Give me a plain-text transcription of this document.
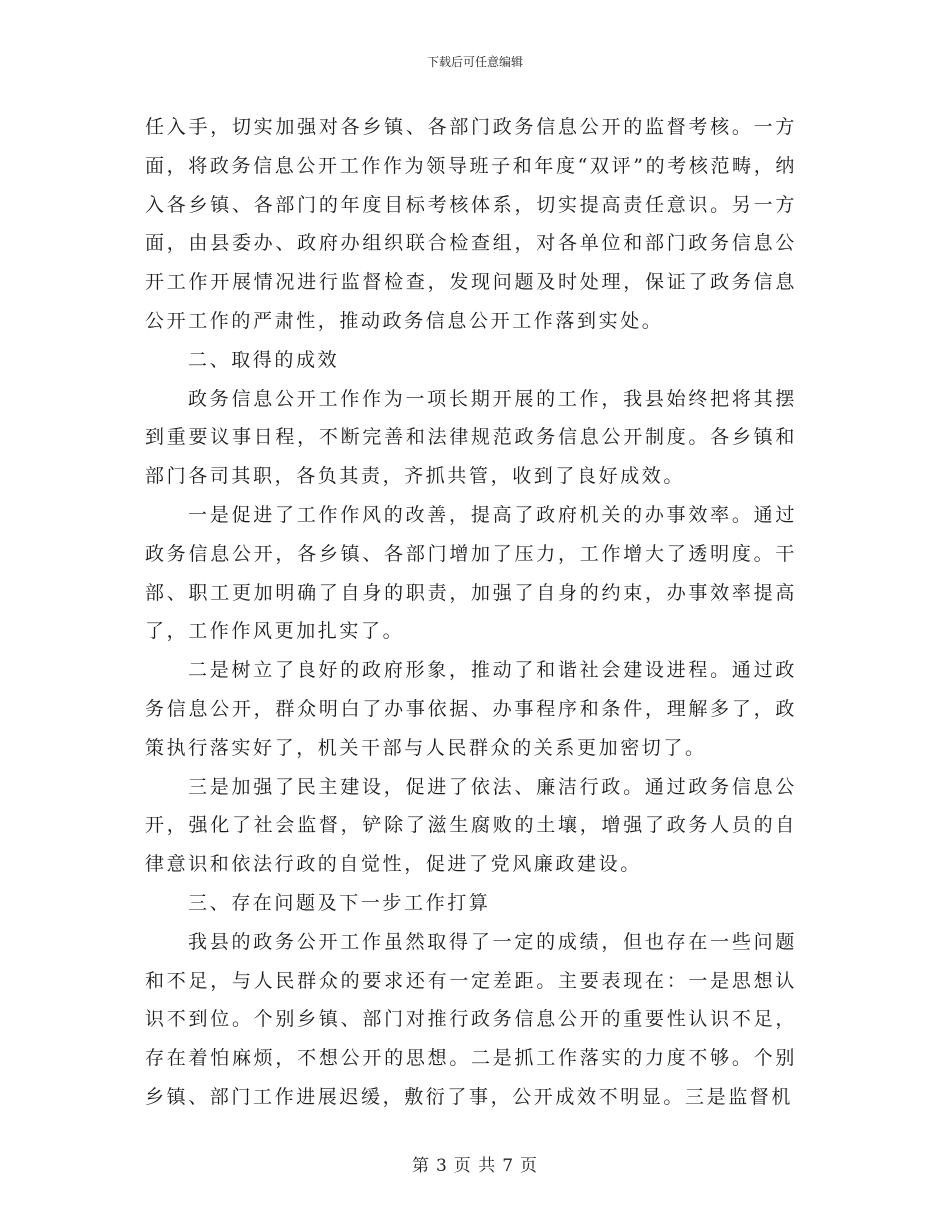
下载后可任意编辑

任入手，切实加强对各乡镇、各部门政务信息公开的监督考核。一方面，将政务信息公开工作作为领导班子和年度“双评”的考核范畴，纳入各乡镇、各部门的年度目标考核体系，切实提高责任意识。另一方面，由县委办、政府办组织联合检查组，对各单位和部门政务信息公开工作开展情况进行监督检查，发现问题及时处理，保证了政务信息公开工作的严肃性，推动政务信息公开工作落到实处。

二、取得的成效

政务信息公开工作作为一项长期开展的工作，我县始终把将其摆到重要议事日程，不断完善和法律规范政务信息公开制度。各乡镇和部门各司其职，各负其责，齐抓共管，收到了良好成效。

一是促进了工作作风的改善，提高了政府机关的办事效率。通过政务信息公开，各乡镇、各部门增加了压力，工作增大了透明度。干部、职工更加明确了自身的职责，加强了自身的约束，办事效率提高了，工作作风更加扎实了。

二是树立了良好的政府形象，推动了和谐社会建设进程。通过政务信息公开，群众明白了办事依据、办事程序和条件，理解多了，政策执行落实好了，机关干部与人民群众的关系更加密切了。

三是加强了民主建设，促进了依法、廉洁行政。通过政务信息公开，强化了社会监督，铲除了滋生腐败的土壤，增强了政务人员的自律意识和依法行政的自觉性，促进了党风廉政建设。

三、存在问题及下一步工作打算

我县的政务公开工作虽然取得了一定的成绩，但也存在一些问题和不足，与人民群众的要求还有一定差距。主要表现在：一是思想认识不到位。个别乡镇、部门对推行政务信息公开的重要性认识不足，存在着怕麻烦，不想公开的思想。二是抓工作落实的力度不够。个别乡镇、部门工作进展迟缓，敷衍了事，公开成效不明显。三是监督机

第 3 页 共 7 页
